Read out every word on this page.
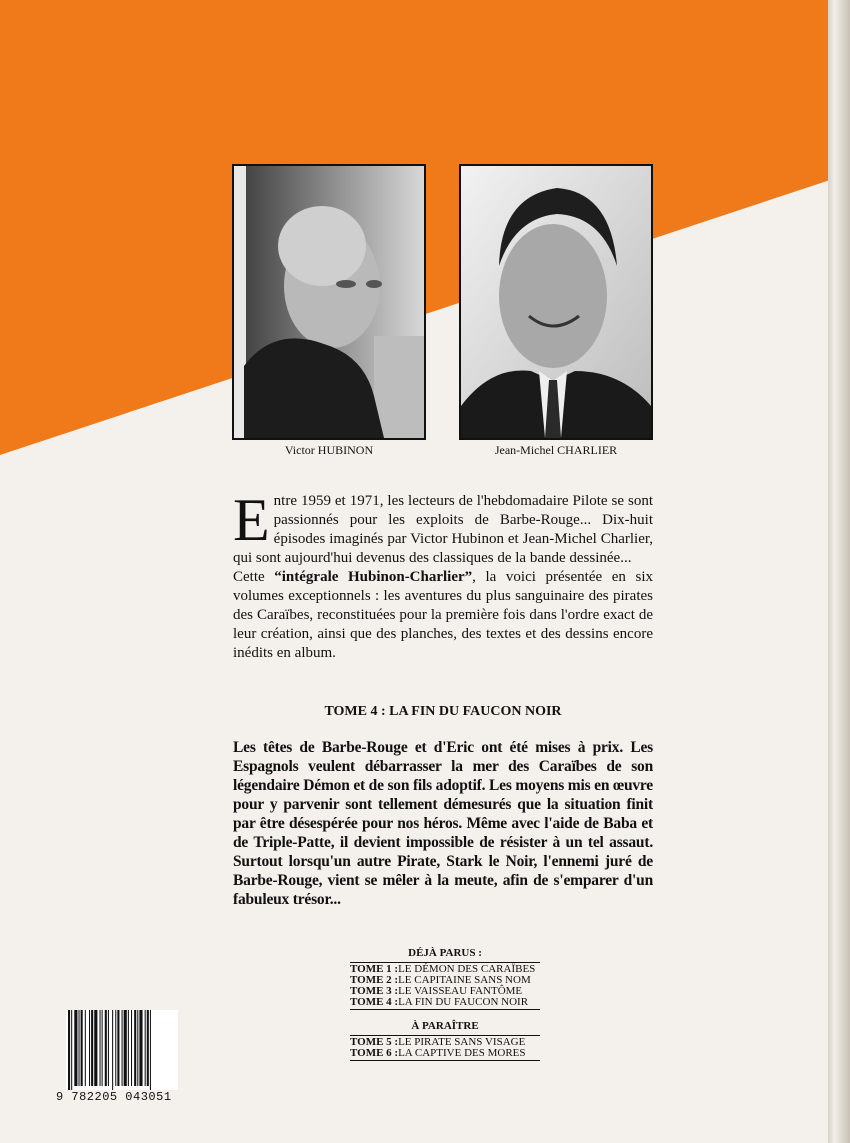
Victor HUBINON	Jean-Michel CHARLIER
Entre 1959 et 1971, les lecteurs de l'hebdomadaire Pilote se sont passionnés pour les exploits de Barbe-Rouge... Dix-huit épisodes imaginés par Victor Hubinon et Jean-Michel Charlier, qui sont aujourd'hui devenus des classiques de la bande dessinée...
Cette “intégrale Hubinon-Charlier”, la voici présentée en six volumes exceptionnels : les aventures du plus sanguinaire des pirates des Caraïbes, reconstituées pour la première fois dans l'ordre exact de leur création, ainsi que des planches, des textes et des dessins encore inédits en album.
TOME 4 : LA FIN DU FAUCON NOIR
Les têtes de Barbe-Rouge et d'Eric ont été mises à prix. Les Espagnols veulent débarrasser la mer des Caraïbes de son légendaire Démon et de son fils adoptif. Les moyens mis en œuvre pour y parvenir sont tellement démesurés que la situation finit par être désespérée pour nos héros. Même avec l'aide de Baba et de Triple-Patte, il devient impossible de résister à un tel assaut. Surtout lorsqu'un autre Pirate, Stark le Noir, l'ennemi juré de Barbe-Rouge, vient se mêler à la meute, afin de s'emparer d'un fabuleux trésor...
DÉJÀ PARUS :
TOME 1 :LE DÉMON DES CARAÏBES
TOME 2 :LE CAPITAINE SANS NOM
TOME 3 :LE VAISSEAU FANTÔME
TOME 4 :LA FIN DU FAUCON NOIR
À PARAÎTRE
TOME 5 :LE PIRATE SANS VISAGE
TOME 6 :LA CAPTIVE DES MORES
9 782205 043051
